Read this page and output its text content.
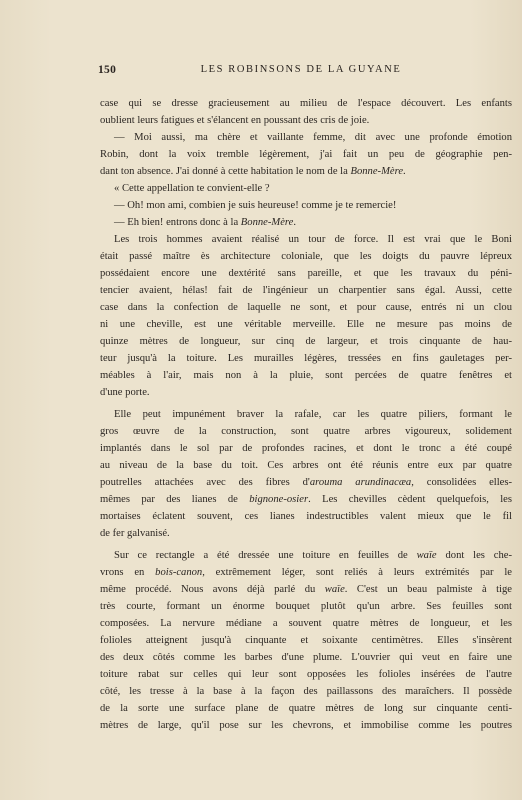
150	LES ROBINSONS DE LA GUYANE
case qui se dresse gracieusement au milieu de l'espace découvert. Les enfants
oublient leurs fatigues et s'élancent en poussant des cris de joie.
— Moi aussi, ma chère et vaillante femme, dit avec une profonde émotion
Robin, dont la voix tremble légèrement, j'ai fait un peu de géographie pen-
dant ton absence. J'ai donné à cette habitation le nom de la Bonne-Mère.
« Cette appellation te convient-elle ?
— Oh! mon ami, combien je suis heureuse! comme je te remercie!
— Eh bien! entrons donc à la Bonne-Mère.
Les trois hommes avaient réalisé un tour de force. Il est vrai que le Boni
était passé maître ès architecture coloniale, que les doigts du pauvre lépreux
possédaient encore une dextérité sans pareille, et que les travaux du péni-
tencier avaient, hélas! fait de l'ingénieur un charpentier sans égal. Aussi, cette
case dans la confection de laquelle ne sont, et pour cause, entrés ni un clou
ni une cheville, est une véritable merveille. Elle ne mesure pas moins de
quinze mètres de longueur, sur cinq de largeur, et trois cinquante de hau-
teur jusqu'à la toiture. Les murailles légères, tressées en fins gauletages per-
méables à l'air, mais non à la pluie, sont percées de quatre fenêtres et
d'une porte.
Elle peut impunément braver la rafale, car les quatre piliers, formant le
gros œuvre de la construction, sont quatre arbres vigoureux, solidement
implantés dans le sol par de profondes racines, et dont le tronc a été coupé
au niveau de la base du toit. Ces arbres ont été réunis entre eux par quatre
poutrelles attachées avec des fibres d'arouma arundinacæa, consolidées elles-
mêmes par des lianes de bignone-osier. Les chevilles cèdent quelquefois, les
mortaises éclatent souvent, ces lianes indestructibles valent mieux que le fil
de fer galvanisé.
Sur ce rectangle a été dressée une toiture en feuilles de waïe dont les che-
vrons en bois-canon, extrêmement léger, sont reliés à leurs extrémités par le
même procédé. Nous avons déjà parlé du waïe. C'est un beau palmiste à tige
très courte, formant un énorme bouquet plutôt qu'un arbre. Ses feuilles sont
composées. La nervure médiane a souvent quatre mètres de longueur, et les
folioles atteignent jusqu'à cinquante et soixante centimètres. Elles s'insèrent
des deux côtés comme les barbes d'une plume. L'ouvrier qui veut en faire une
toiture rabat sur celles qui leur sont opposées les folioles insérées de l'autre
côté, les tresse à la base à la façon des paillassons des maraîchers. Il possède
de la sorte une surface plane de quatre mètres de long sur cinquante centi-
mètres de large, qu'il pose sur les chevrons, et immobilise comme les poutres
